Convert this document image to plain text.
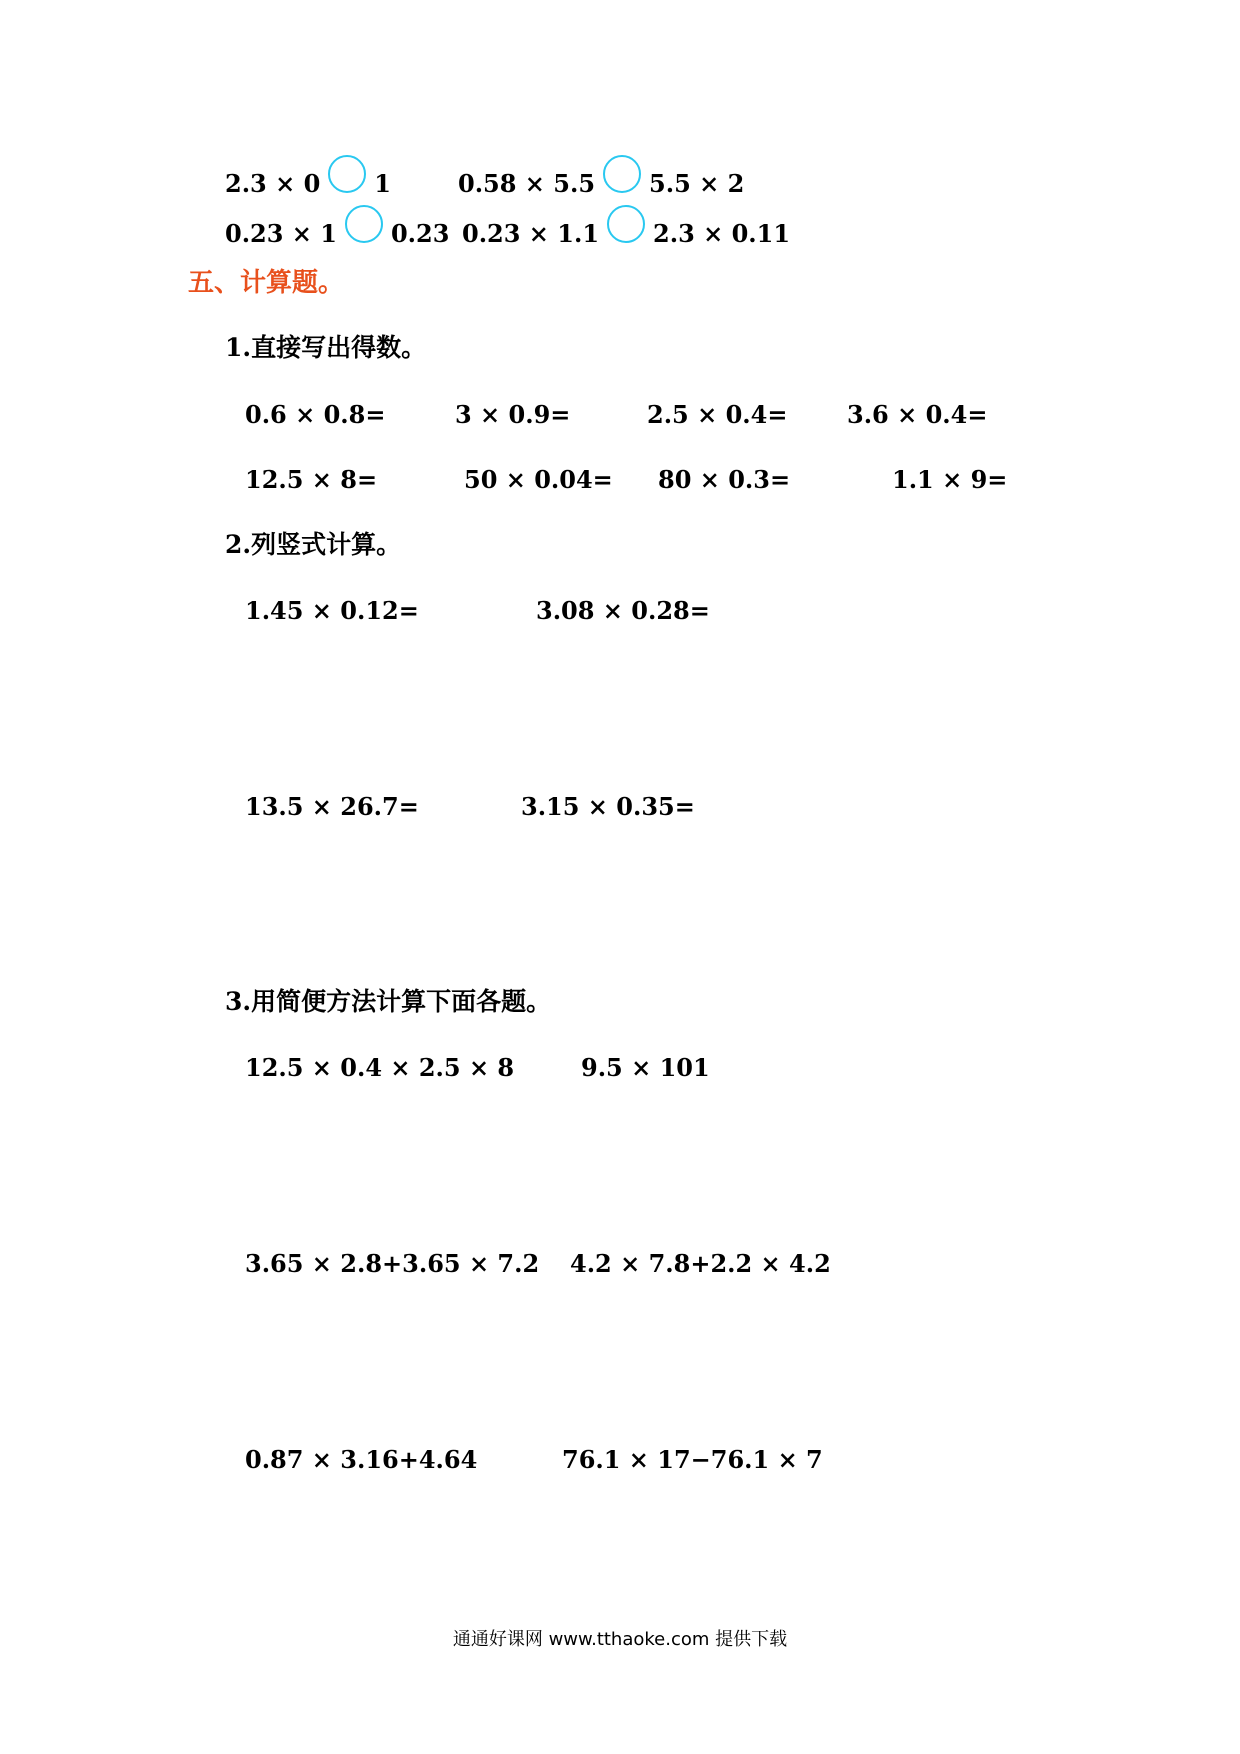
2.3 × 0 1	0.58 × 5.5 5.5 × 2
0.23 × 1 0.23 0.23 × 1.1 2.3 × 0.11
五、计算题。
1.直接写出得数。
0.6 × 0.8=	3 × 0.9=	2.5 × 0.4= 3.6 × 0.4=
12.5 × 8=	50 × 0.04= 80 × 0.3=	1.1 × 9=
2.列竖式计算。
1.45 × 0.12=	3.08 × 0.28=
13.5 × 26.7=	3.15 × 0.35=
3.用简便方法计算下面各题。
12.5 × 0.4 × 2.5 × 8	9.5 × 101
3.65 × 2.8+3.65 × 7.2 4.2 × 7.8+2.2 × 4.2
0.87 × 3.16+4.64	76.1 × 17−76.1 × 7
通通好课网 www.tthaoke.com 提供下载
